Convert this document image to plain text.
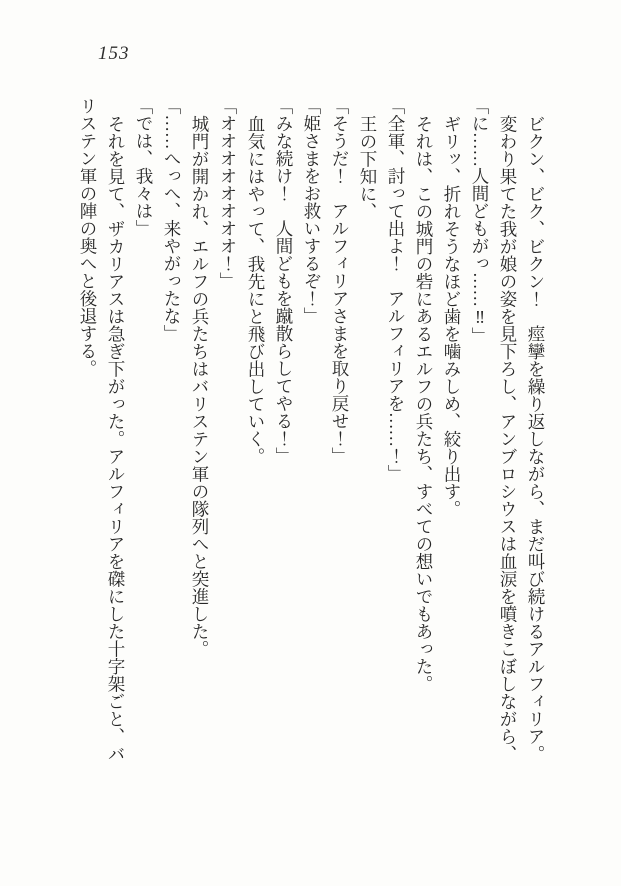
153

ビクン、ビク、ビクン！　痙攣を繰り返しながら、まだ叫び続けるアルフィリア。

変わり果てた我が娘の姿を見下ろし、アンブロシウスは血涙を噴きこぼしながら、

「に……人間どもがっ……‼」

ギリッ、折れそうなほど歯を噛みしめ、絞り出す。

それは、この城門の砦にあるエルフの兵たち、すべての想いでもあった。

「全軍、討って出よ！　アルフィリアを……！」

王の下知に、

「そうだ！　アルフィリアさまを取り戻せ！」

「姫さまをお救いするぞ！」

「みな続け！　人間どもを蹴散らしてやる！」

血気にはやって、我先にと飛び出していく。

「オオオオオオオオ！」

城門が開かれ、エルフの兵たちはバリステン軍の隊列へと突進した。

「……へっへ、来やがったな」

「では、我々は」

それを見て、ザカリアスは急ぎ下がった。アルフィリアを磔にした十字架ごと、バリステン軍の陣の奥へと後退する。
